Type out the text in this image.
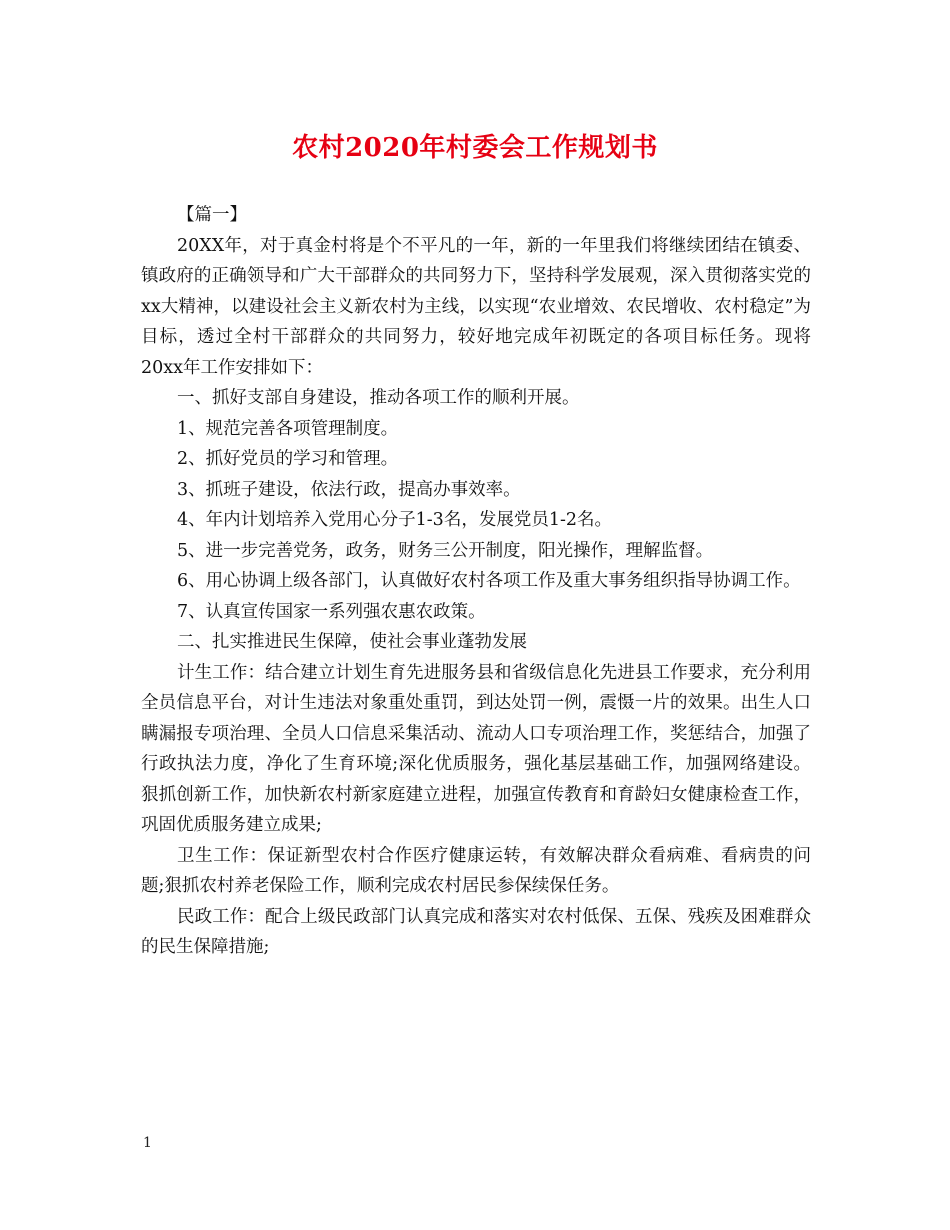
农村2020年村委会工作规划书

【篇一】

20XX年，对于真金村将是个不平凡的一年，新的一年里我们将继续团结在镇委、镇政府的正确领导和广大干部群众的共同努力下，坚持科学发展观，深入贯彻落实党的xx大精神，以建设社会主义新农村为主线，以实现“农业增效、农民增收、农村稳定”为目标，透过全村干部群众的共同努力，较好地完成年初既定的各项目标任务。现将20xx年工作安排如下：

一、抓好支部自身建设，推动各项工作的顺利开展。

1、规范完善各项管理制度。

2、抓好党员的学习和管理。

3、抓班子建设，依法行政，提高办事效率。

4、年内计划培养入党用心分子1-3名，发展党员1-2名。

5、进一步完善党务，政务，财务三公开制度，阳光操作，理解监督。

6、用心协调上级各部门，认真做好农村各项工作及重大事务组织指导协调工作。

7、认真宣传国家一系列强农惠农政策。

二、扎实推进民生保障，使社会事业蓬勃发展

计生工作：结合建立计划生育先进服务县和省级信息化先进县工作要求，充分利用全员信息平台，对计生违法对象重处重罚，到达处罚一例，震慑一片的效果。出生人口瞒漏报专项治理、全员人口信息采集活动、流动人口专项治理工作，奖惩结合，加强了行政执法力度，净化了生育环境;深化优质服务，强化基层基础工作，加强网络建设。狠抓创新工作，加快新农村新家庭建立进程，加强宣传教育和育龄妇女健康检查工作，巩固优质服务建立成果;

卫生工作：保证新型农村合作医疗健康运转，有效解决群众看病难、看病贵的问题;狠抓农村养老保险工作，顺利完成农村居民参保续保任务。

民政工作：配合上级民政部门认真完成和落实对农村低保、五保、残疾及困难群众的民生保障措施;

1
